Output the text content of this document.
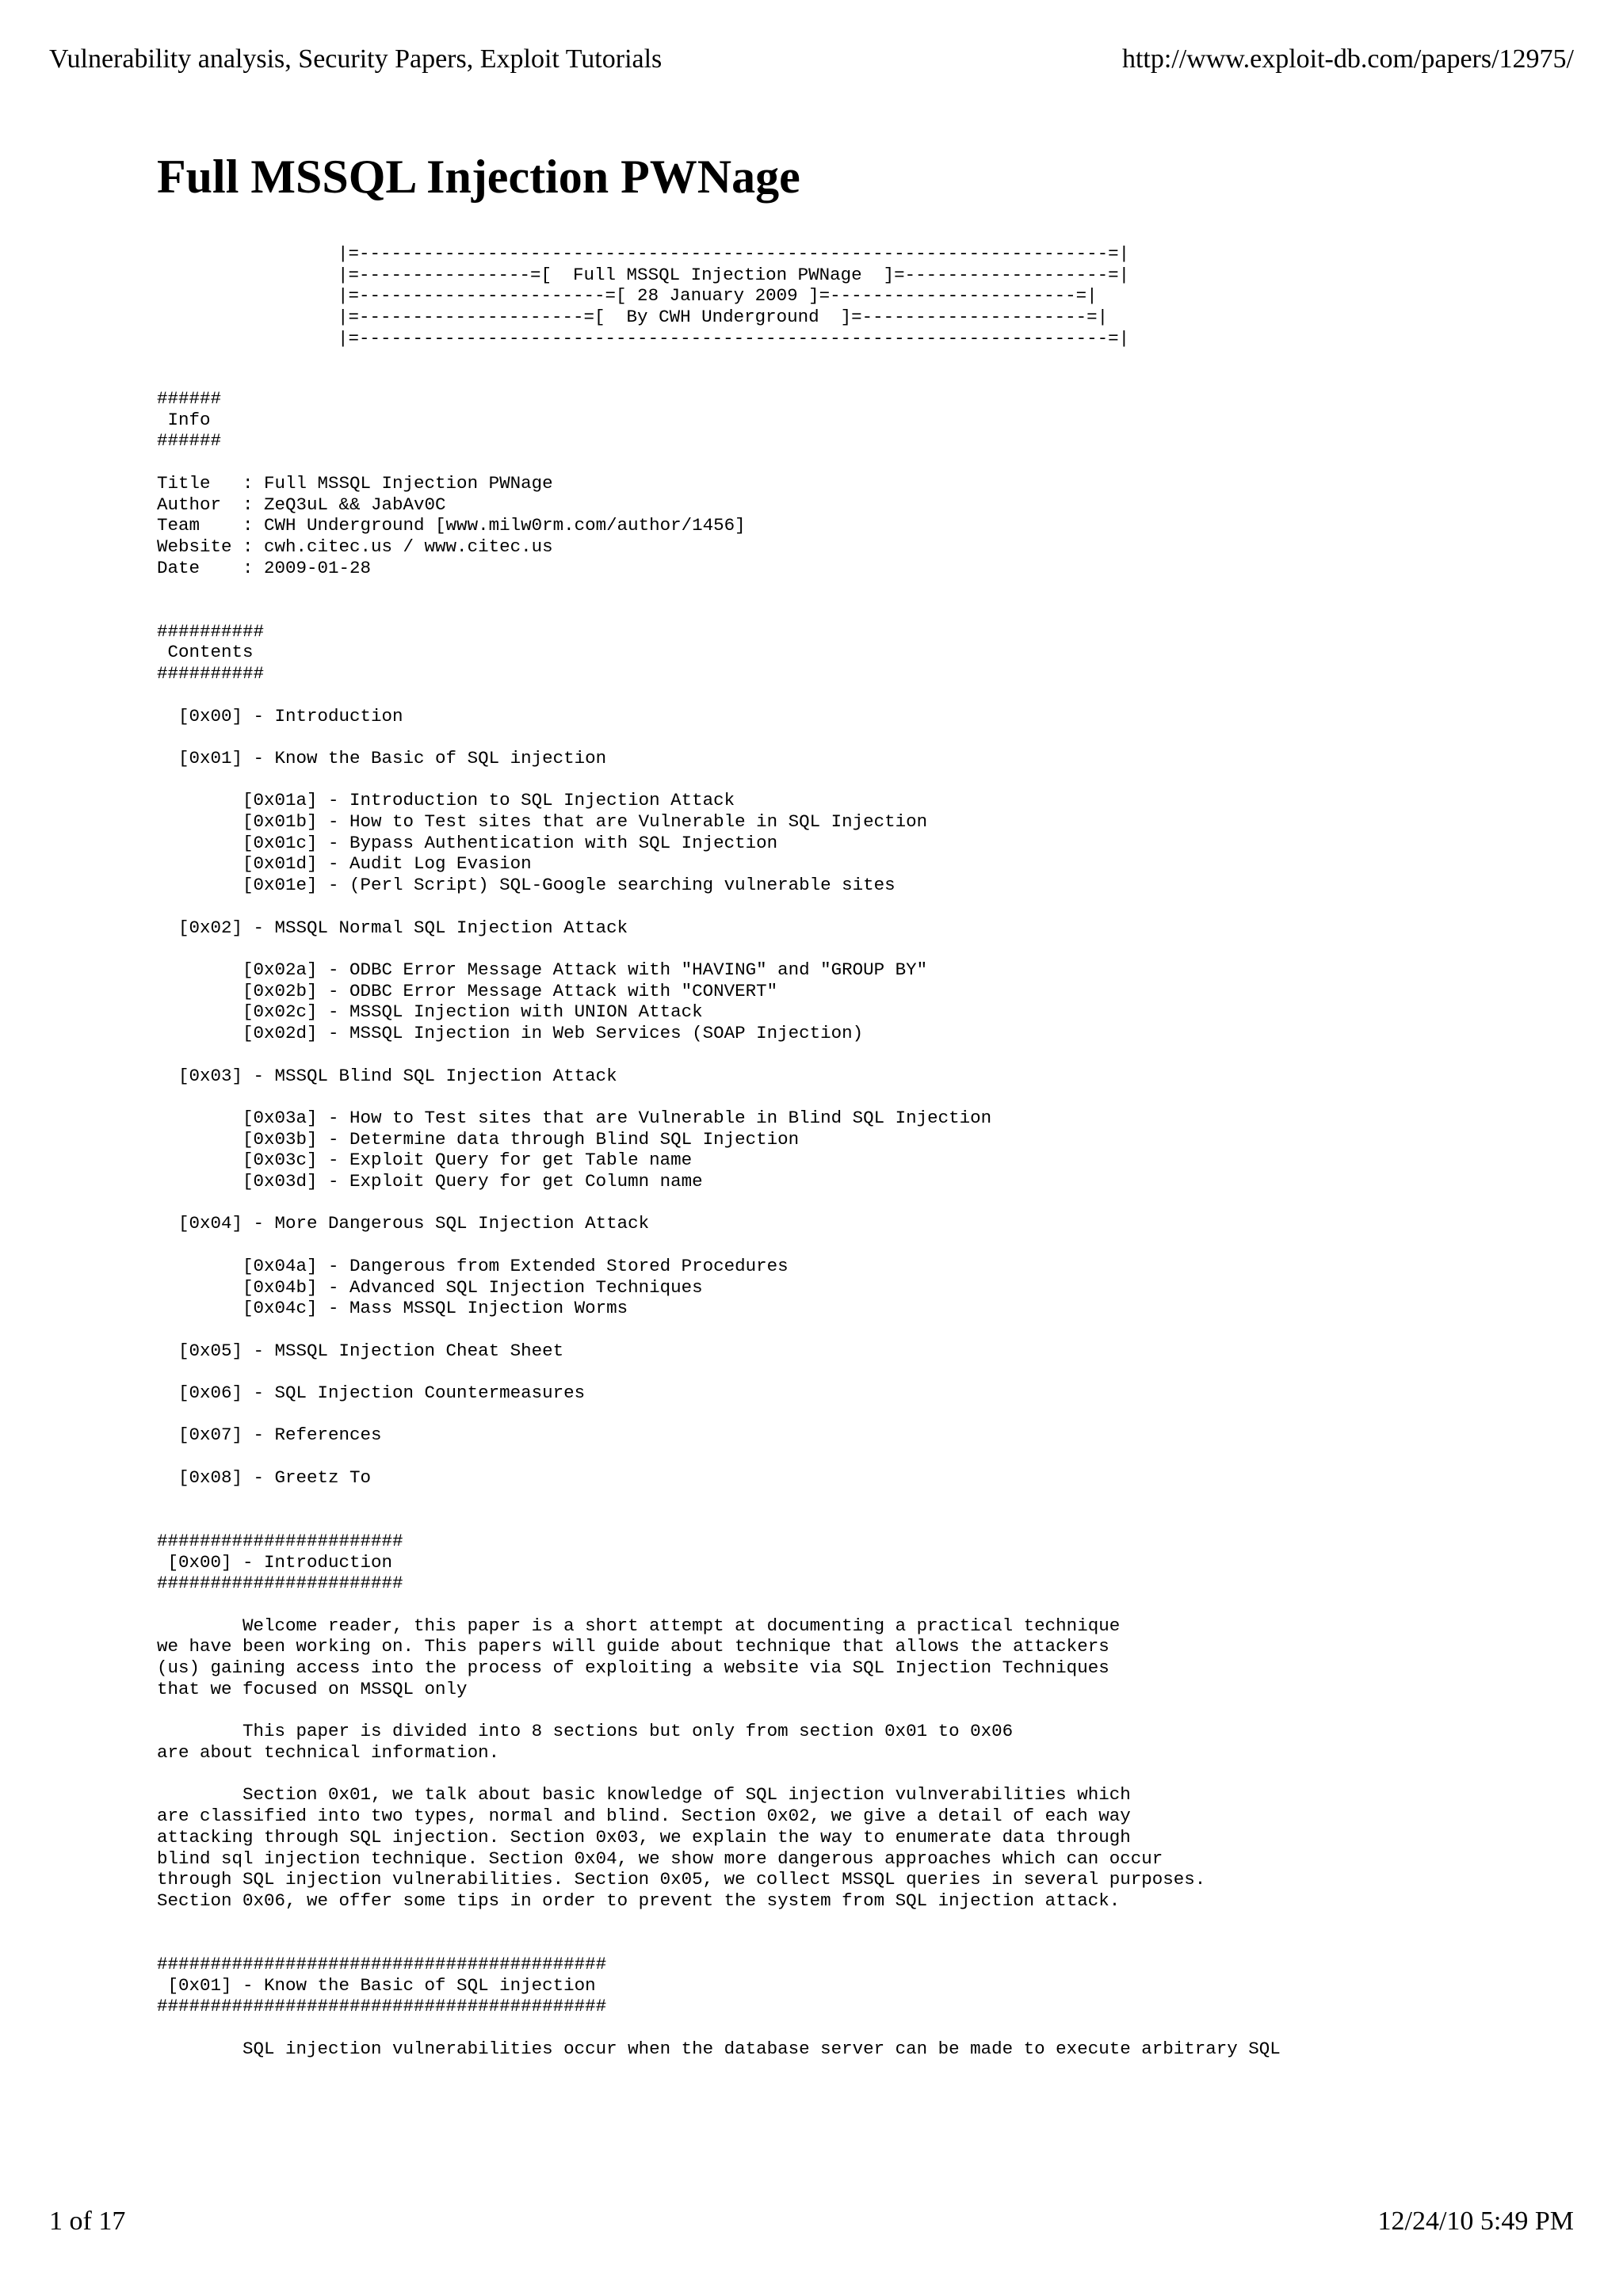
Vulnerability analysis, Security Papers, Exploit Tutorials	http://www.exploit-db.com/papers/12975/
Full MSSQL Injection PWNage
|=----------------------------------------------------------------------=|
|=----------------=[  Full MSSQL Injection PWNage  ]=-------------------=|
|=-----------------------=[ 28 January 2009 ]=-----------------------=|
|=---------------------=[  By CWH Underground  ]=---------------------=|
|=----------------------------------------------------------------------=|
######
Info
######

Title   : Full MSSQL Injection PWNage
Author  : ZeQ3uL && JabAv0C
Team    : CWH Underground [www.milw0rm.com/author/1456]
Website : cwh.citec.us / www.citec.us
Date    : 2009-01-28

##########
Contents
##########

[0x00] - Introduction

[0x01] - Know the Basic of SQL injection

[0x01a] - Introduction to SQL Injection Attack
[0x01b] - How to Test sites that are Vulnerable in SQL Injection
[0x01c] - Bypass Authentication with SQL Injection
[0x01d] - Audit Log Evasion
[0x01e] - (Perl Script) SQL-Google searching vulnerable sites

[0x02] - MSSQL Normal SQL Injection Attack

[0x02a] - ODBC Error Message Attack with "HAVING" and "GROUP BY"
[0x02b] - ODBC Error Message Attack with "CONVERT"
[0x02c] - MSSQL Injection with UNION Attack
[0x02d] - MSSQL Injection in Web Services (SOAP Injection)

[0x03] - MSSQL Blind SQL Injection Attack

[0x03a] - How to Test sites that are Vulnerable in Blind SQL Injection
[0x03b] - Determine data through Blind SQL Injection
[0x03c] - Exploit Query for get Table name
[0x03d] - Exploit Query for get Column name

[0x04] - More Dangerous SQL Injection Attack

[0x04a] - Dangerous from Extended Stored Procedures
[0x04b] - Advanced SQL Injection Techniques
[0x04c] - Mass MSSQL Injection Worms

[0x05] - MSSQL Injection Cheat Sheet

[0x06] - SQL Injection Countermeasures

[0x07] - References

[0x08] - Greetz To

#######################
[0x00] - Introduction
#######################

Welcome reader, this paper is a short attempt at documenting a practical technique
we have been working on. This papers will guide about technique that allows the attackers
(us) gaining access into the process of exploiting a website via SQL Injection Techniques
that we focused on MSSQL only

This paper is divided into 8 sections but only from section 0x01 to 0x06
are about technical information.

Section 0x01, we talk about basic knowledge of SQL injection vulnverabilities which
are classified into two types, normal and blind. Section 0x02, we give a detail of each way
attacking through SQL injection. Section 0x03, we explain the way to enumerate data through
blind sql injection technique. Section 0x04, we show more dangerous approaches which can occur
through SQL injection vulnerabilities. Section 0x05, we collect MSSQL queries in several purposes.
Section 0x06, we offer some tips in order to prevent the system from SQL injection attack.

##########################################
[0x01] - Know the Basic of SQL injection
##########################################

SQL injection vulnerabilities occur when the database server can be made to execute arbitrary SQL
1 of 17	12/24/10 5:49 PM
